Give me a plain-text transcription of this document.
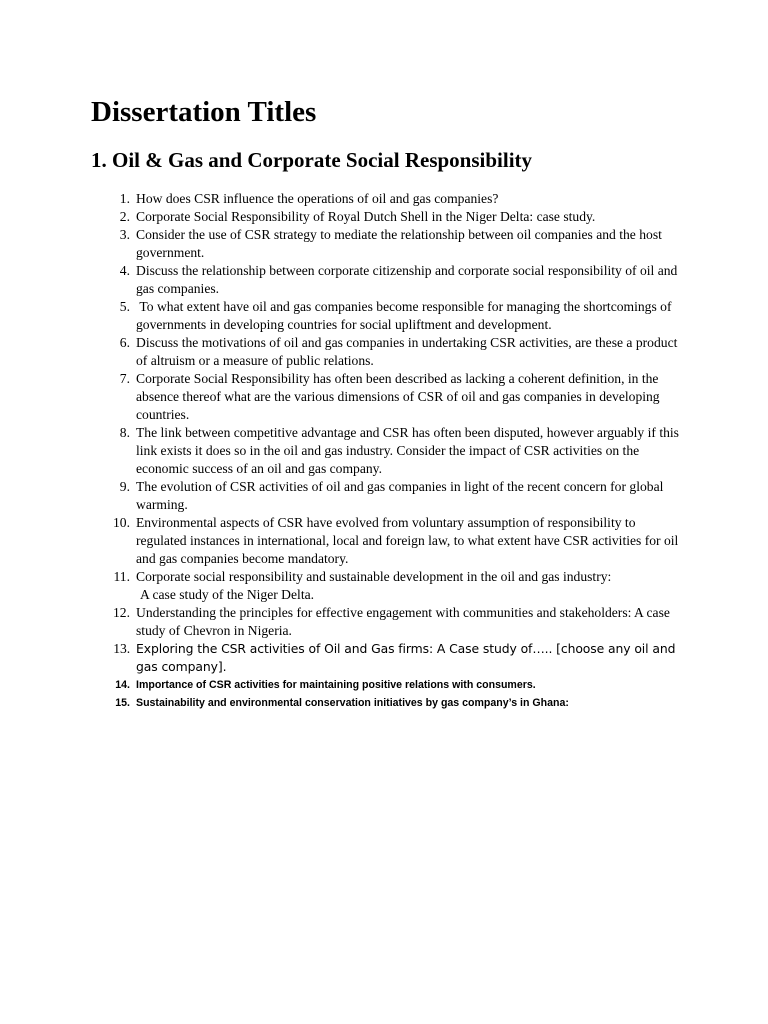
Dissertation Titles
1. Oil & Gas and Corporate Social Responsibility
1. How does CSR influence the operations of oil and gas companies?
2. Corporate Social Responsibility of Royal Dutch Shell in the Niger Delta: case study.
3. Consider the use of CSR strategy to mediate the relationship between oil companies and the host government.
4. Discuss the relationship between corporate citizenship and corporate social responsibility of oil and gas companies.
5. To what extent have oil and gas companies become responsible for managing the shortcomings of governments in developing countries for social upliftment and development.
6. Discuss the motivations of oil and gas companies in undertaking CSR activities, are these a product of altruism or a measure of public relations.
7. Corporate Social Responsibility has often been described as lacking a coherent definition, in the absence thereof what are the various dimensions of CSR of oil and gas companies in developing countries.
8. The link between competitive advantage and CSR has often been disputed, however arguably if this link exists it does so in the oil and gas industry. Consider the impact of CSR activities on the economic success of an oil and gas company.
9. The evolution of CSR activities of oil and gas companies in light of the recent concern for global warming.
10. Environmental aspects of CSR have evolved from voluntary assumption of responsibility to regulated instances in international, local and foreign law, to what extent have CSR activities for oil and gas companies become mandatory.
11. Corporate social responsibility and sustainable development in the oil and gas industry:
A case study of the Niger Delta.
12. Understanding the principles for effective engagement with communities and stakeholders: A case study of Chevron in Nigeria.
13. Exploring the CSR activities of Oil and Gas firms: A Case study of….. [choose any oil and gas company].
14. Importance of CSR activities for maintaining positive relations with consumers.
15. Sustainability and environmental conservation initiatives by gas company’s in Ghana:
